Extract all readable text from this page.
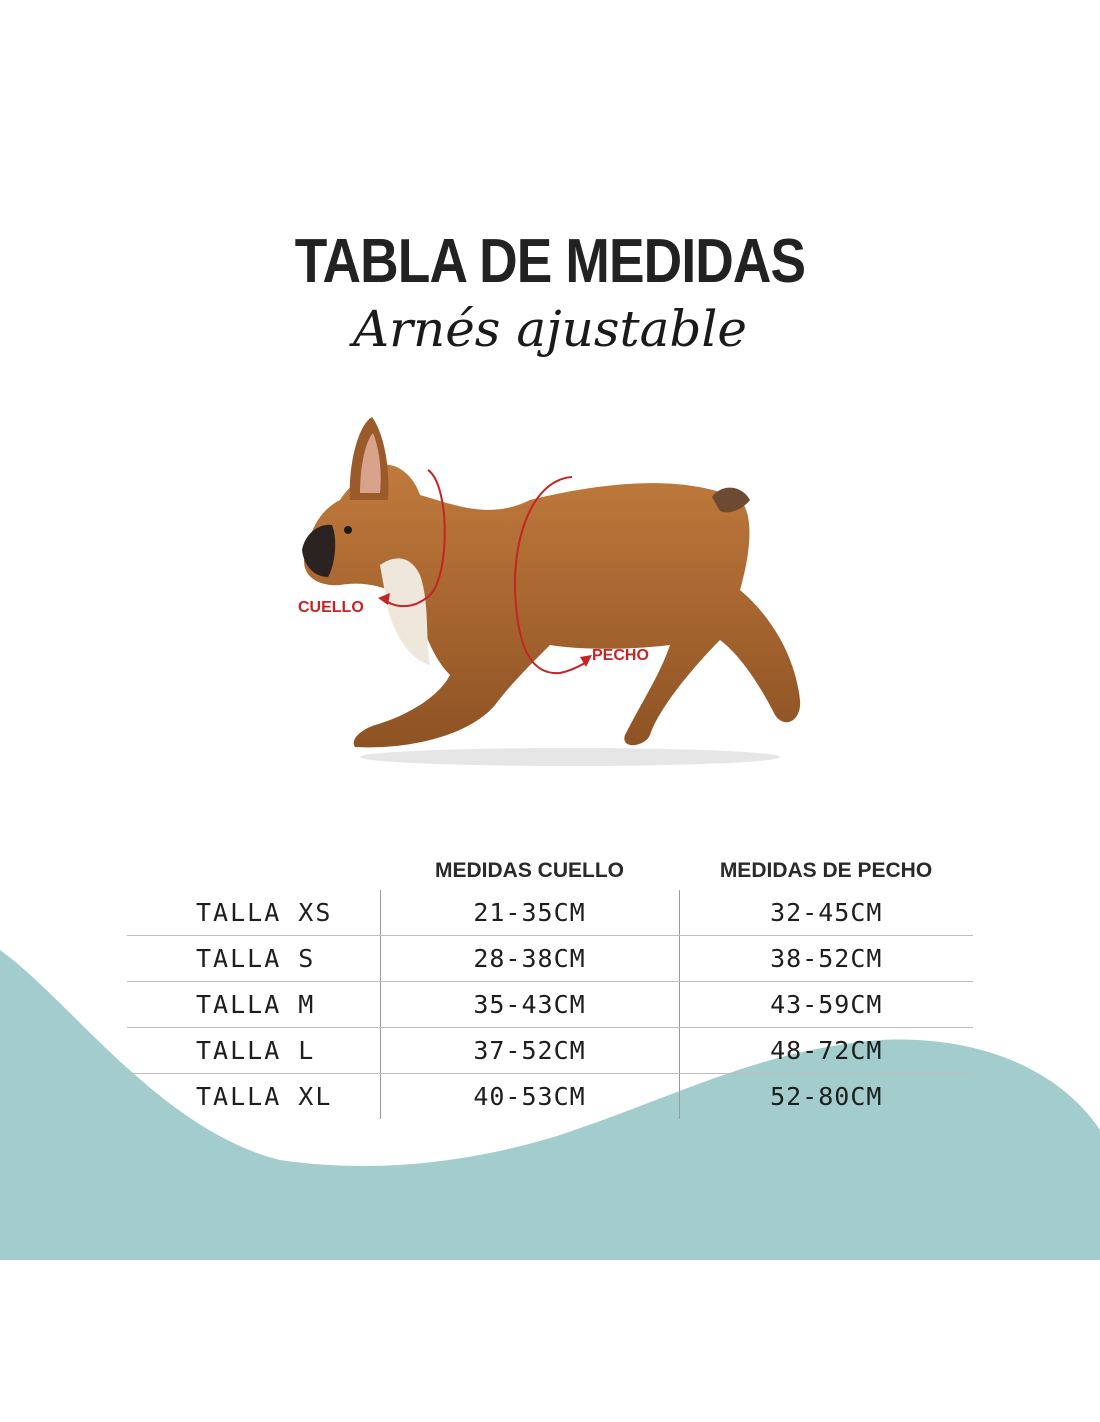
TABLA DE MEDIDAS
Arnés ajustable
CUELLO
PECHO
	MEDIDAS CUELLO	MEDIDAS DE PECHO
TALLA XS	21-35CM	32-45CM
TALLA S	28-38CM	38-52CM
TALLA M	35-43CM	43-59CM
TALLA L	37-52CM	48-72CM
TALLA XL	40-53CM	52-80CM
